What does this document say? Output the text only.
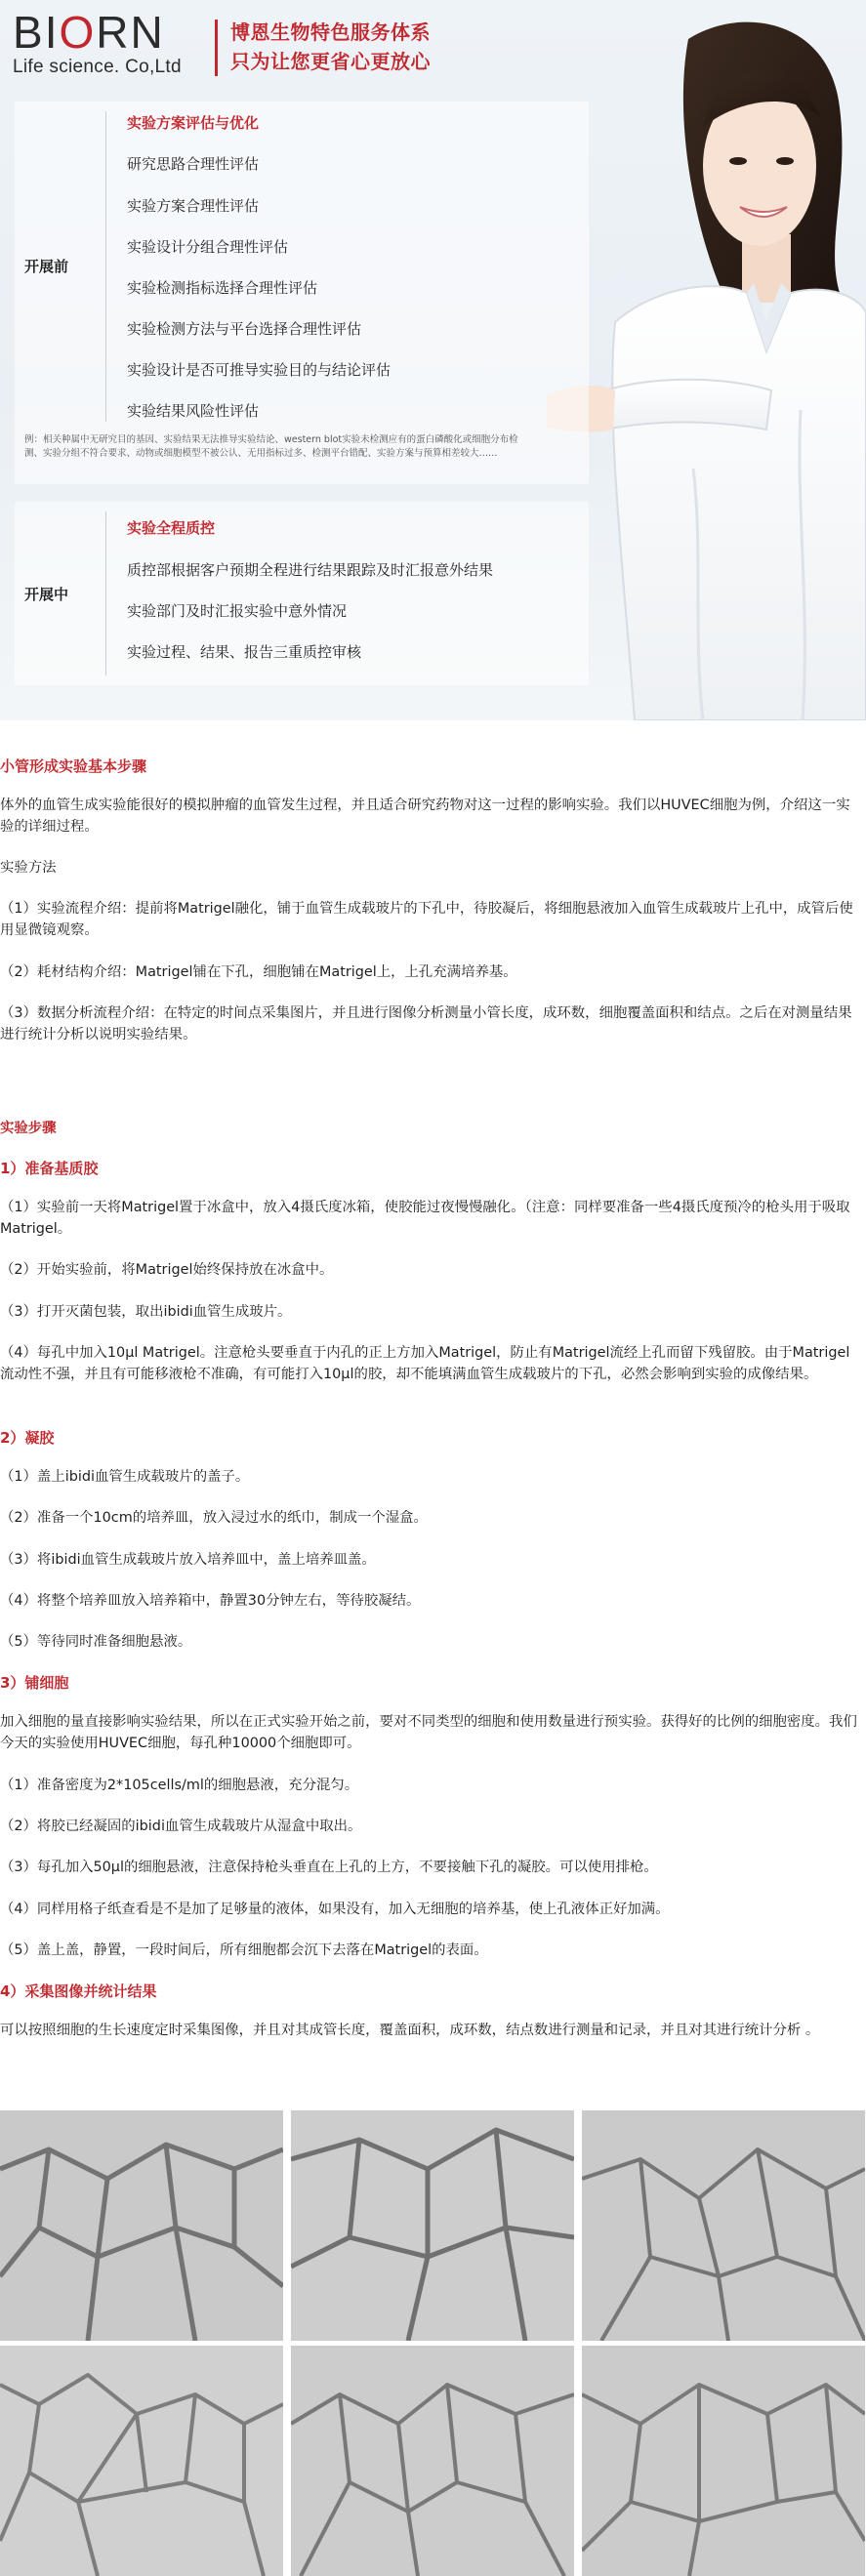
BIORN
Life science. Co,Ltd
博恩生物特色服务体系
只为让您更省心更放心
开展前
实验方案评估与优化
研究思路合理性评估
实验方案合理性评估
实验设计分组合理性评估
实验检测指标选择合理性评估
实验检测方法与平台选择合理性评估
实验设计是否可推导实验目的与结论评估
实验结果风险性评估
例：相关种属中无研究目的基因、实验结果无法推导实验结论、western blot实验未检测应有的蛋白磷酸化或细胞分布检测、实验分组不符合要求、动物或细胞模型不被公认、无用指标过多、检测平台错配、实验方案与预算相差较大……
开展中
实验全程质控
质控部根据客户预期全程进行结果跟踪及时汇报意外结果
实验部门及时汇报实验中意外情况
实验过程、结果、报告三重质控审核
小管形成实验基本步骤
体外的血管生成实验能很好的模拟肿瘤的血管发生过程，并且适合研究药物对这一过程的影响实验。我们以HUVEC细胞为例，介绍这一实验的详细过程。
实验方法
（1）实验流程介绍：提前将Matrigel融化，铺于血管生成载玻片的下孔中，待胶凝后，将细胞悬液加入血管生成载玻片上孔中，成管后使用显微镜观察。
（2）耗材结构介绍：Matrigel铺在下孔，细胞铺在Matrigel上，上孔充满培养基。
（3）数据分析流程介绍：在特定的时间点采集图片，并且进行图像分析测量小管长度，成环数，细胞覆盖面积和结点。之后在对测量结果进行统计分析以说明实验结果。
实验步骤
1）准备基质胶
（1）实验前一天将Matrigel置于冰盒中，放入4摄氏度冰箱，使胶能过夜慢慢融化。（注意：同样要准备一些4摄氏度预冷的枪头用于吸取Matrigel。
（2）开始实验前，将Matrigel始终保持放在冰盒中。
（3）打开灭菌包装，取出ibidi血管生成玻片。
（4）每孔中加入10μl Matrigel。注意枪头要垂直于内孔的正上方加入Matrigel，防止有Matrigel流经上孔而留下残留胶。由于Matrigel流动性不强，并且有可能移液枪不准确，有可能打入10μl的胶，却不能填满血管生成载玻片的下孔，必然会影响到实验的成像结果。
2）凝胶
（1）盖上ibidi血管生成载玻片的盖子。
（2）准备一个10cm的培养皿，放入浸过水的纸巾，制成一个湿盒。
（3）将ibidi血管生成载玻片放入培养皿中，盖上培养皿盖。
（4）将整个培养皿放入培养箱中，静置30分钟左右，等待胶凝结。
（5）等待同时准备细胞悬液。
3）铺细胞
加入细胞的量直接影响实验结果，所以在正式实验开始之前，要对不同类型的细胞和使用数量进行预实验。获得好的比例的细胞密度。我们今天的实验使用HUVEC细胞，每孔种10000个细胞即可。
（1）准备密度为2*105cells/ml的细胞悬液，充分混匀。
（2）将胶已经凝固的ibidi血管生成载玻片从湿盒中取出。
（3）每孔加入50μl的细胞悬液，注意保持枪头垂直在上孔的上方，不要接触下孔的凝胶。可以使用排枪。
（4）同样用格子纸查看是不是加了足够量的液体，如果没有，加入无细胞的培养基，使上孔液体正好加满。
（5）盖上盖，静置，一段时间后，所有细胞都会沉下去落在Matrigel的表面。
4）采集图像并统计结果
可以按照细胞的生长速度定时采集图像，并且对其成管长度，覆盖面积，成环数，结点数进行测量和记录，并且对其进行统计分析 。
